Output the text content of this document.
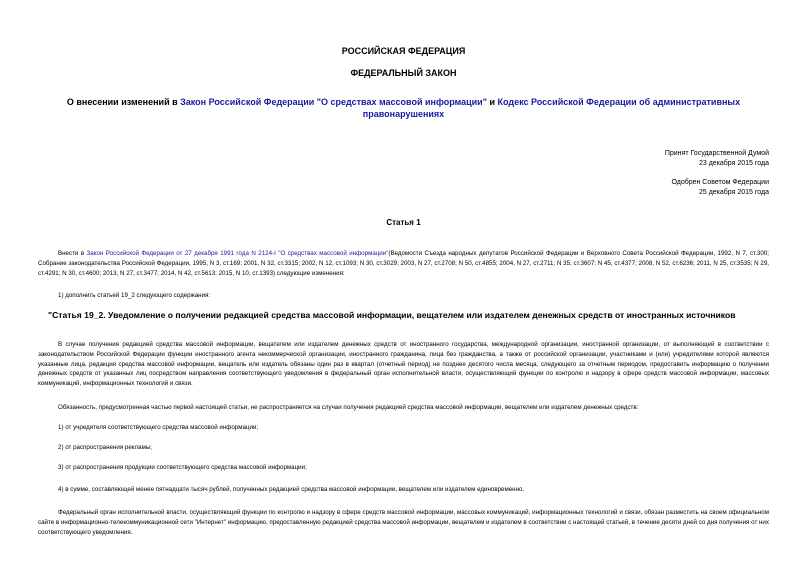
РОССИЙСКАЯ ФЕДЕРАЦИЯ
ФЕДЕРАЛЬНЫЙ ЗАКОН
О внесении изменений в Закон Российской Федерации "О средствах массовой информации" и Кодекс Российской Федерации об административных правонарушениях
Принят Государственной Думой
23 декабря 2015 года
Одобрен Советом Федерации
25 декабря 2015 года
Статья 1
Внести в Закон Российской Федерации от 27 декабря 1991 года N 2124-I "О средствах массовой информации"(Ведомости Съезда народных депутатов Российской Федерации и Верховного Совета Российской Федерации, 1992, N 7, ст.300; Собрание законодательства Российской Федерации, 1995, N 3, ст.169; 2001, N 32, ст.3315; 2002, N 12, ст.1093; N 30, ст.3029; 2003, N 27, ст.2708; N 50, ст.4855; 2004, N 27, ст.2711; N 35, ст.3607; N 45, ст.4377; 2008, N 52, ст.6236; 2011, N 25, ст.3535; N 29, ст.4291; N 30, ст.4600; 2013, N 27, ст.3477; 2014, N 42, ст.5613; 2015, N 10, ст.1393) следующие изменения:
1) дополнить статьей 19_2 следующего содержания:
"Статья 19_2. Уведомление о получении редакцией средства массовой информации, вещателем или издателем денежных средств от иностранных источников
В случае получения редакцией средства массовой информации, вещателем или издателем денежных средств от иностранного государства, международной организации, иностранной организации, от выполняющей в соответствии с законодательством Российской Федерации функции иностранного агента некоммерческой организации, иностранного гражданина, лица без гражданства, а также от российской организации, участниками и (или) учредителями которой являются указанные лица, редакция средства массовой информации, вещатель или издатель обязаны один раз в квартал (отчетный период) не позднее десятого числа месяца, следующего за отчетным периодом, предоставить информацию о получении денежных средств от указанных лиц посредством направления соответствующего уведомления в федеральный орган исполнительной власти, осуществляющий функции по контролю и надзору в сфере средств массовой информации, массовых коммуникаций, информационных технологий и связи.
Обязанность, предусмотренная частью первой настоящей статьи, не распространяется на случаи получения редакцией средства массовой информации, вещателем или издателем денежных средств:
1) от учредителя соответствующего средства массовой информации;
2) от распространения рекламы;
3) от распространения продукции соответствующего средства массовой информации;
4) в сумме, составляющей менее пятнадцати тысяч рублей, полученных редакцией средства массовой информации, вещателем или издателем единовременно.
Федеральный орган исполнительной власти, осуществляющий функции по контролю и надзору в сфере средств массовой информации, массовых коммуникаций, информационных технологий и связи, обязан разместить на своем официальном сайте в информационно-телекоммуникационной сети "Интернет" информацию, предоставленную редакцией средства массовой информации, вещателем и издателем в соответствии с настоящей статьей, в течение десяти дней со дня получения от них соответствующего уведомления.
